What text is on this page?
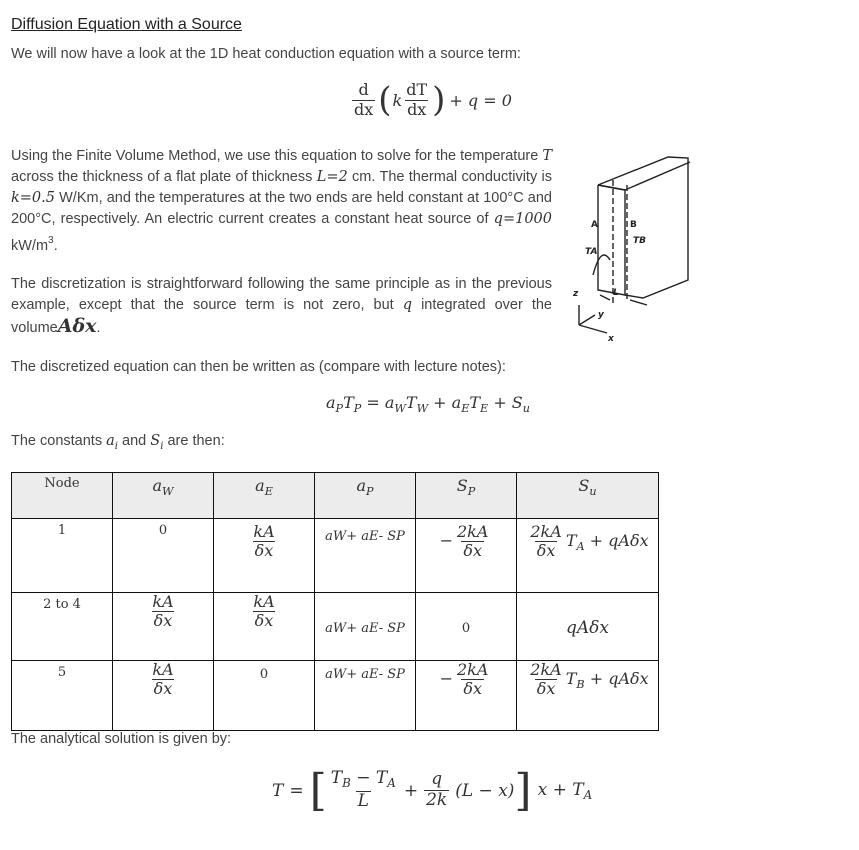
Diffusion Equation with a Source
We will now have a look at the 1D heat conduction equation with a source term:
$\frac{d}{dx}$ ( k $\frac{dT}{dx}$ ) + q = 0
Using the Finite Volume Method, we use this equation to solve for the temperature T across the thickness of a flat plate of thickness L=2 cm. The thermal conductivity is k=0.5 W/Km, and the temperatures at the two ends are held constant at 100°C and 200°C, respectively. An electric current creates a constant heat source of q=1000 $kW/m^3$.
A	B
TA
TB
L
x
y
z
The discretization is straightforward following the same principle as in the previous example, except that the source term is not zero, but q integrated over the volumeAδx.
The discretized equation can then be written as (compare with lecture notes):
$a_PT_P = a_WT_W + a_ET_E + S_u$
The constants $a_i$ and $S_i$ are then:
Node	$a_W$	$a_E$	$a_P$	$S_P$	$S_u$
1	0	$\frac{kA}{\delta x}$	aW+ aE- SP	− $\frac{2kA}{\delta x}$	$\frac{2kA}{\delta x} T_A + qA\delta x$
2 to 4	$\frac{kA}{\delta x}$	$\frac{kA}{\delta x}$	aW+ aE- SP	0	qAδx
5	$\frac{kA}{\delta x}$	0	aW+ aE- SP	− $\frac{2kA}{\delta x}$	$\frac{2kA}{\delta x} T_B + qA\delta x$
The analytical solution is given by:
T = [ $\frac{T_B - T_A}{L} + \frac{q}{2k} (L - x)$ ] $x + T_A$
